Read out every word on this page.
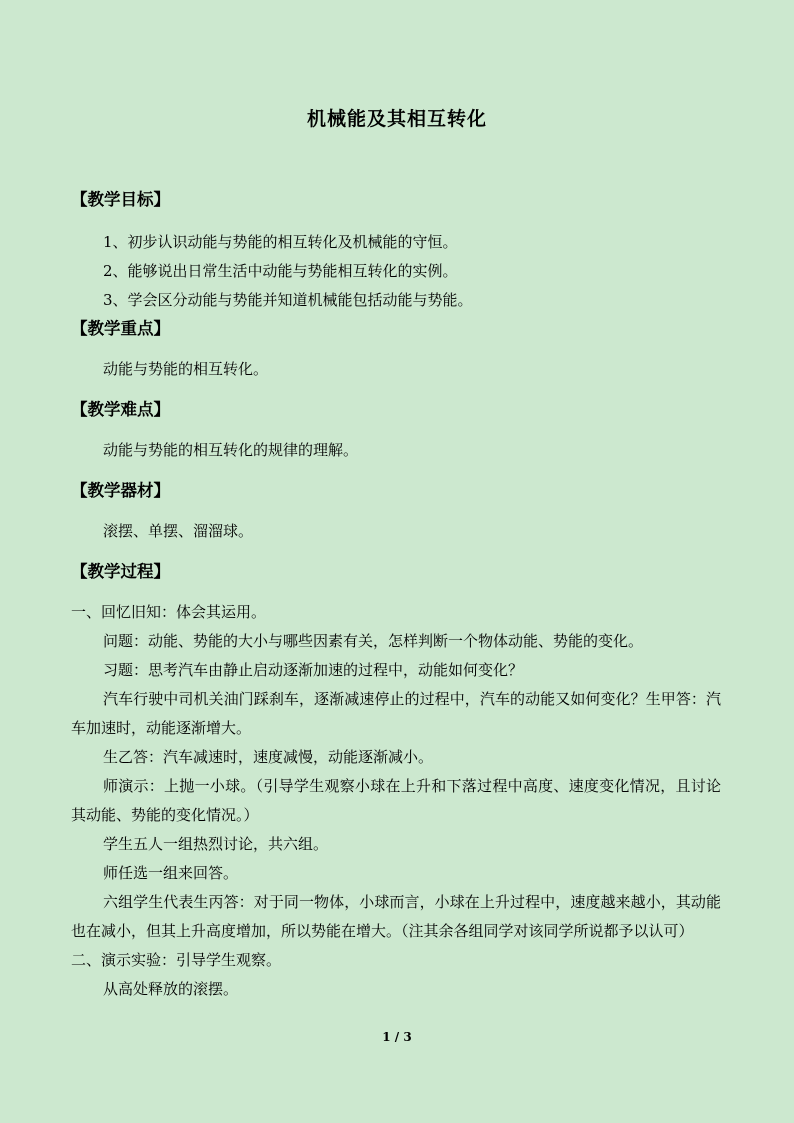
机械能及其相互转化
【教学目标】
1、初步认识动能与势能的相互转化及机械能的守恒。
2、能够说出日常生活中动能与势能相互转化的实例。
3、学会区分动能与势能并知道机械能包括动能与势能。
【教学重点】
动能与势能的相互转化。
【教学难点】
动能与势能的相互转化的规律的理解。
【教学器材】
滚摆、单摆、溜溜球。
【教学过程】
一、回忆旧知：体会其运用。
问题：动能、势能的大小与哪些因素有关，怎样判断一个物体动能、势能的变化。
习题：思考汽车由静止启动逐渐加速的过程中，动能如何变化？

汽车行驶中司机关油门踩刹车，逐渐减速停止的过程中，汽车的动能又如何变化？生甲答：汽车加速时，动能逐渐增大。

生乙答：汽车减速时，速度减慢，动能逐渐减小。

师演示：上抛一小球。（引导学生观察小球在上升和下落过程中高度、速度变化情况，且讨论其动能、势能的变化情况。）

学生五人一组热烈讨论，共六组。
师任选一组来回答。

六组学生代表生丙答：对于同一物体，小球而言，小球在上升过程中，速度越来越小，其动能也在减小，但其上升高度增加，所以势能在增大。（注其余各组同学对该同学所说都予以认可）

二、演示实验：引导学生观察。
从高处释放的滚摆。
1 / 3
